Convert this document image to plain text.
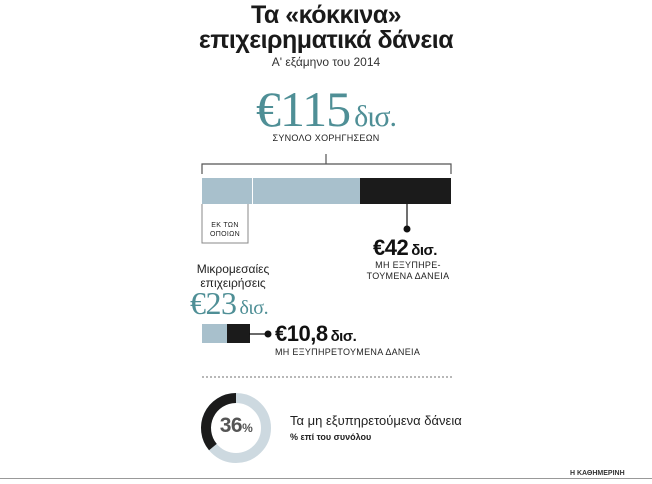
Τα «κόκκινα»
επιχειρηματικά δάνεια
Α' εξάμηνο του 2014
€115 δισ.
ΣΥΝΟΛΟ ΧΟΡΗΓΗΣΕΩΝ
ΕΚ ΤΩΝ ΟΠΟΙΩΝ
€42 δισ.
ΜΗ ΕΞΥΠΗΡΕ-
ΤΟΥΜΕΝΑ ΔΑΝΕΙΑ
Μικρομεσαίες
επιχειρήσεις
€23 δισ.
€10,8 δισ.
ΜΗ ΕΞΥΠΗΡΕΤΟΥΜΕΝΑ ΔΑΝΕΙΑ
36%	Τα μη εξυπηρετούμενα δάνεια
% επί του συνόλου
Η ΚΑΘΗΜΕΡΙΝΗ
